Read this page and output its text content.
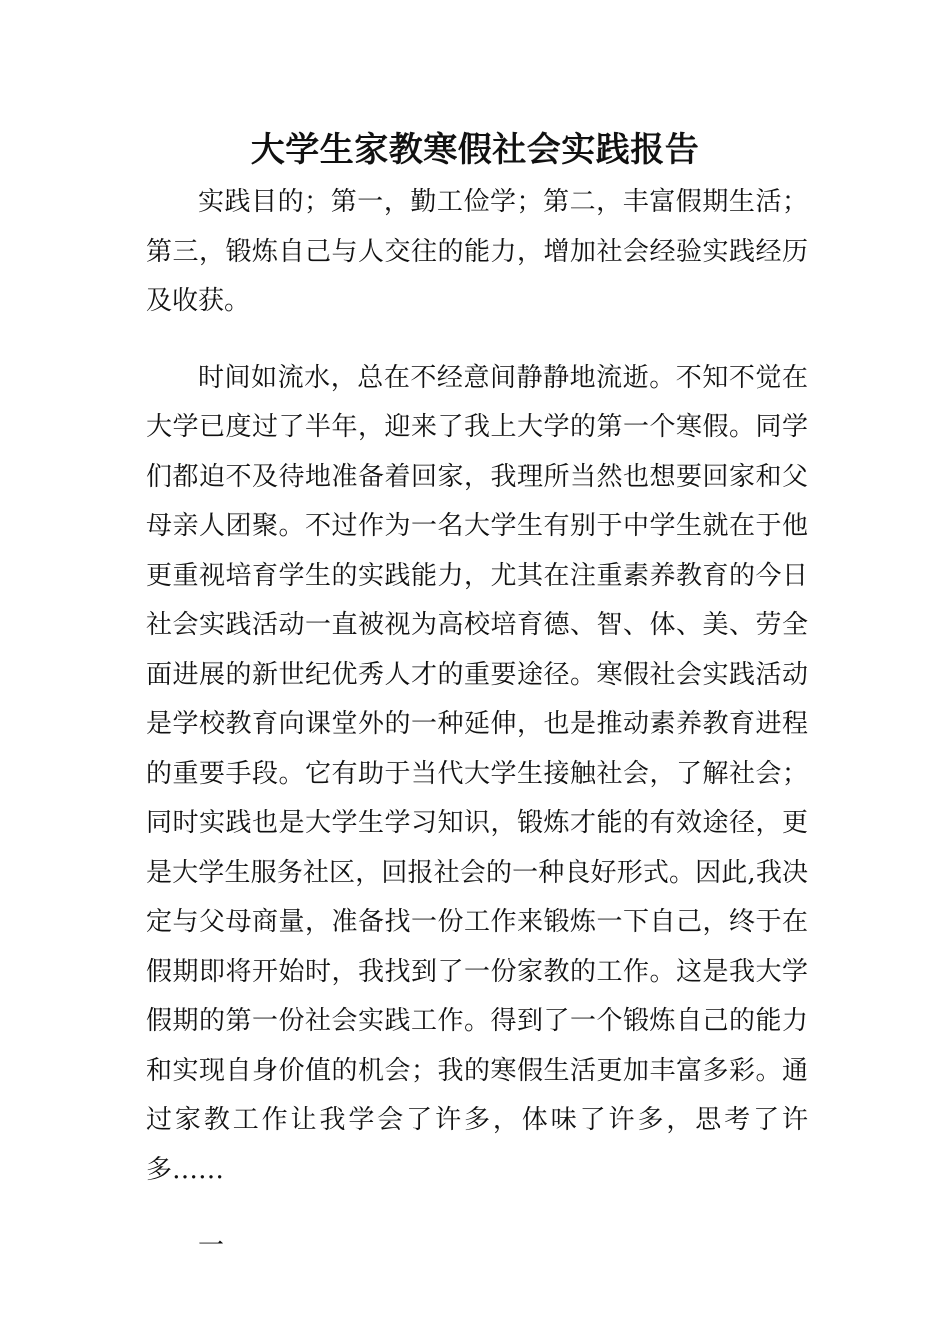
大学生家教寒假社会实践报告

实践目的；第一，勤工俭学；第二，丰富假期生活；第三，锻炼自己与人交往的能力，增加社会经验实践经历及收获。

时间如流水，总在不经意间静静地流逝。不知不觉在大学已度过了半年，迎来了我上大学的第一个寒假。同学们都迫不及待地准备着回家，我理所当然也想要回家和父母亲人团聚。不过作为一名大学生有别于中学生就在于他更重视培育学生的实践能力，尤其在注重素养教育的今日社会实践活动一直被视为高校培育德、智、体、美、劳全面进展的新世纪优秀人才的重要途径。寒假社会实践活动是学校教育向课堂外的一种延伸，也是推动素养教育进程的重要手段。它有助于当代大学生接触社会，了解社会；同时实践也是大学生学习知识，锻炼才能的有效途径，更是大学生服务社区，回报社会的一种良好形式。因此,我决定与父母商量，准备找一份工作来锻炼一下自己，终于在假期即将开始时，我找到了一份家教的工作。这是我大学假期的第一份社会实践工作。得到了一个锻炼自己的能力和实现自身价值的机会；我的寒假生活更加丰富多彩。通过家教工作让我学会了许多，体味了许多，思考了许多……

一
